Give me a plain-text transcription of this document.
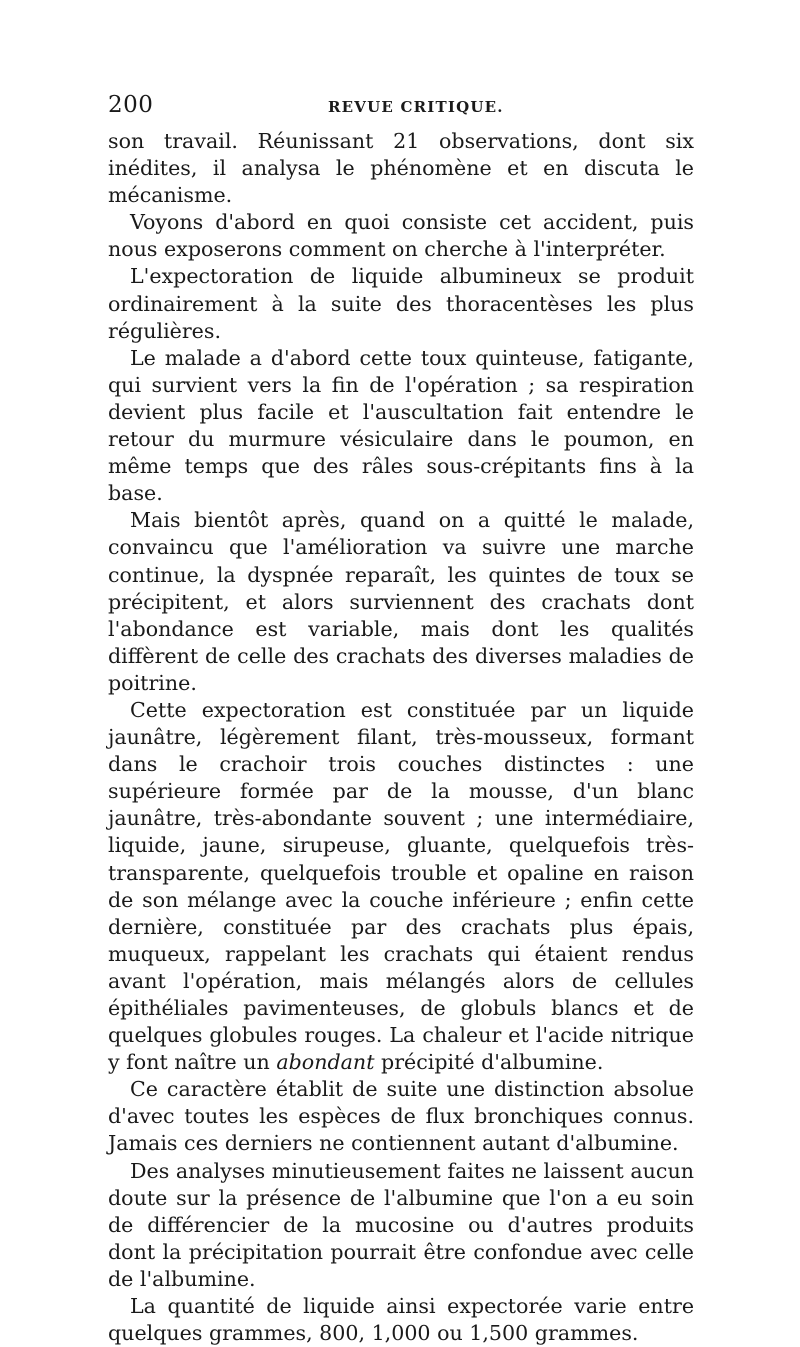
200	REVUE CRITIQUE.

son travail. Réunissant 21 observations, dont six inédites, il analysa le phénomène et en discuta le mécanisme.

Voyons d'abord en quoi consiste cet accident, puis nous exposerons comment on cherche à l'interpréter.

L'expectoration de liquide albumineux se produit ordinairement à la suite des thoracentèses les plus régulières.

Le malade a d'abord cette toux quinteuse, fatigante, qui survient vers la fin de l'opération ; sa respiration devient plus facile et l'auscultation fait entendre le retour du murmure vésiculaire dans le poumon, en même temps que des râles sous-crépitants fins à la base.

Mais bientôt après, quand on a quitté le malade, convaincu que l'amélioration va suivre une marche continue, la dyspnée reparaît, les quintes de toux se précipitent, et alors surviennent des crachats dont l'abondance est variable, mais dont les qualités diffèrent de celle des crachats des diverses maladies de poitrine.

Cette expectoration est constituée par un liquide jaunâtre, légèrement filant, très-mousseux, formant dans le crachoir trois couches distinctes : une supérieure formée par de la mousse, d'un blanc jaunâtre, très-abondante souvent ; une intermédiaire, liquide, jaune, sirupeuse, gluante, quelquefois très-transparente, quelquefois trouble et opaline en raison de son mélange avec la couche inférieure ; enfin cette dernière, constituée par des crachats plus épais, muqueux, rappelant les crachats qui étaient rendus avant l'opération, mais mélangés alors de cellules épithéliales pavimenteuses, de globuls blancs et de quelques globules rouges. La chaleur et l'acide nitrique y font naître un abondant précipité d'albumine.

Ce caractère établit de suite une distinction absolue d'avec toutes les espèces de flux bronchiques connus. Jamais ces derniers ne contiennent autant d'albumine.

Des analyses minutieusement faites ne laissent aucun doute sur la présence de l'albumine que l'on a eu soin de différencier de la mucosine ou d'autres produits dont la précipitation pourrait être confondue avec celle de l'albumine.

La quantité de liquide ainsi expectorée varie entre quelques grammes, 800, 1,000 ou 1,500 grammes.
